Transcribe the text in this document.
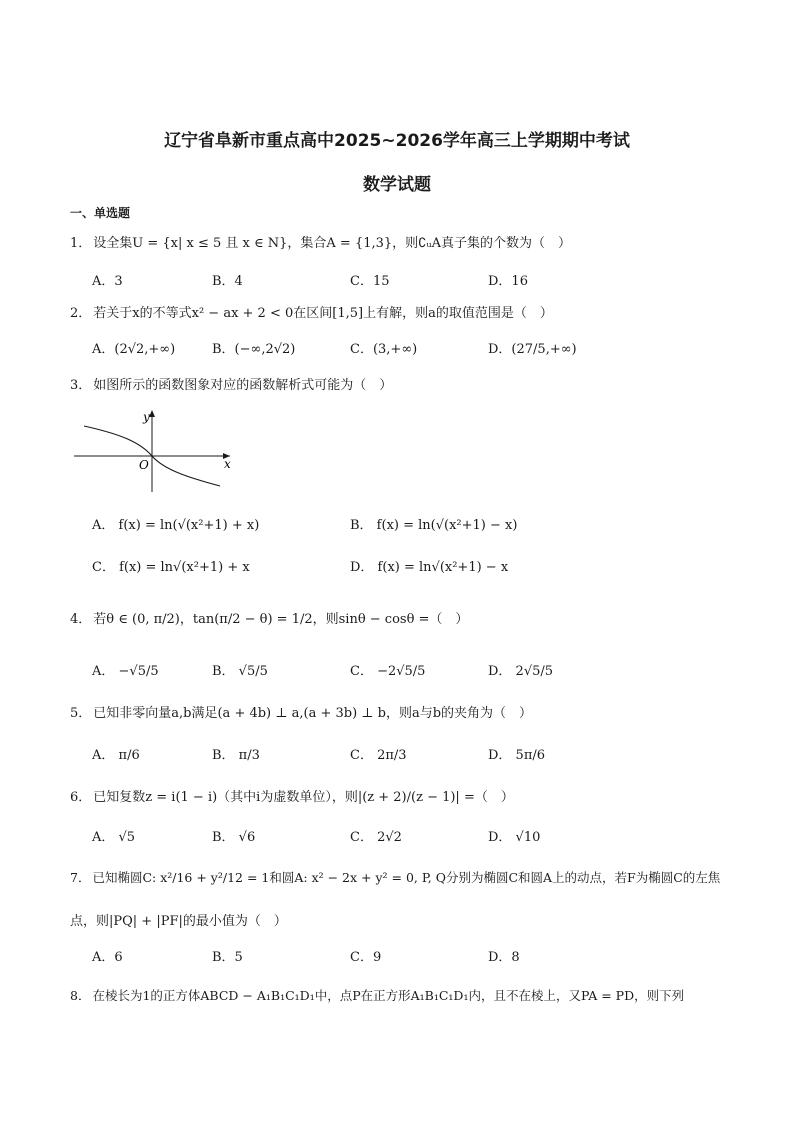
辽宁省阜新市重点高中2025~2026学年高三上学期期中考试
数学试题
一、单选题
1． 设全集U = {x| x ≤ 5 且 x ∈ N}，集合A = {1,3}，则∁ᵤA真子集的个数为（　）
A．3	B．4	C．15	D．16
2． 若关于x的不等式x² − ax + 2 < 0在区间[1,5]上有解，则a的取值范围是（　）
A．(2√2,+∞)	B．(−∞,2√2)	C．(3,+∞)	D．(27/5,+∞)
3． 如图所示的函数图象对应的函数解析式可能为（　）
x
y
O
A． f(x) = ln(√(x²+1) + x)	B． f(x) = ln(√(x²+1) − x)
C． f(x) = ln√(x²+1) + x	D． f(x) = ln√(x²+1) − x
4． 若θ ∈ (0, π/2)，tan(π/2 − θ) = 1/2，则sinθ − cosθ =（　）
A． −√5/5	B． √5/5	C． −2√5/5	D． 2√5/5
5． 已知非零向量a,b满足(a + 4b) ⊥ a,(a + 3b) ⊥ b，则a与b的夹角为（　）
A． π/6	B． π/3	C． 2π/3	D． 5π/6
6． 已知复数z = i(1 − i)（其中i为虚数单位），则|(z + 2)/(z − 1)| =（　）
A． √5	B． √6	C． 2√2	D． √10
7． 已知椭圆C: x²/16 + y²/12 = 1和圆A: x² − 2x + y² = 0, P, Q分别为椭圆C和圆A上的动点，若F为椭圆C的左焦
点，则|PQ| + |PF|的最小值为（　）
A．6	B．5	C．9	D．8
8． 在棱长为1的正方体ABCD − A₁B₁C₁D₁中，点P在正方形A₁B₁C₁D₁内，且不在棱上，又PA = PD，则下列
